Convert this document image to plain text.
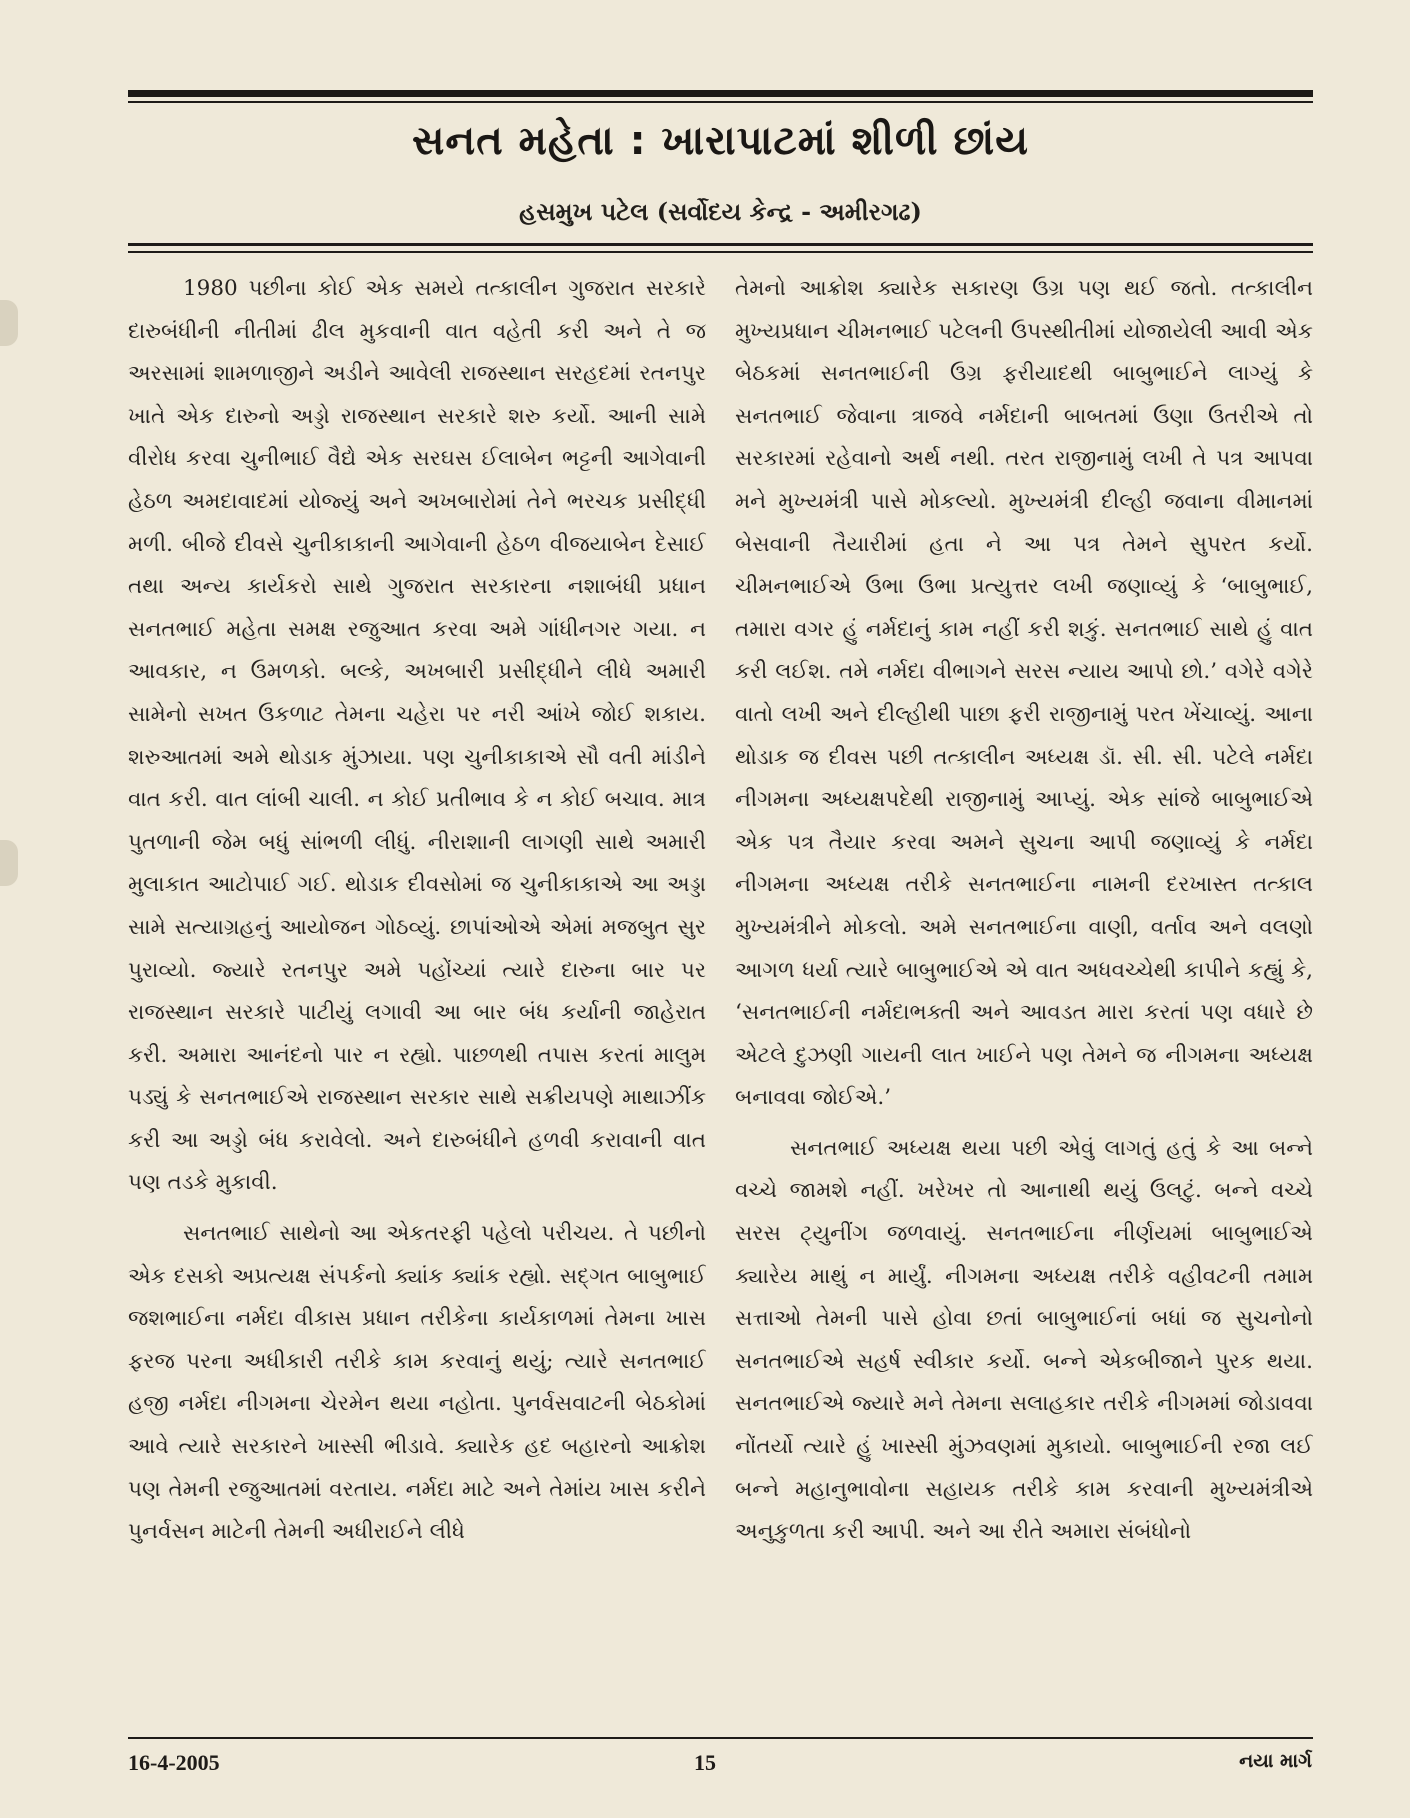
સનત મહેતા : ખારાપાટમાં શીળી છાંય
હસમુખ પટેલ (સર્વોદય કેન્દ્ર - અમીરગઢ)

1980 પછીના કોઈ એક સમયે તત્કાલીન ગુજરાત સરકારે દારુબંધીની નીતીમાં ઢીલ મુકવાની વાત વહેતી કરી અને તે જ અરસામાં શામળાજીને અડીને આવેલી રાજસ્થાન સરહદમાં રતનપુર ખાતે એક દારુનો અડ્ડો રાજસ્થાન સરકારે શરુ કર્યો. આની સામે વીરોધ કરવા ચુનીભાઈ વૈદ્યે એક સરઘસ ઈલાબેન ભટ્ટની આગેવાની હેઠળ અમદાવાદમાં યોજ્યું અને અખબારોમાં તેને ભરચક પ્રસીદ્ધી મળી. બીજે દીવસે ચુનીકાકાની આગેવાની હેઠળ વીજયાબેન દેસાઈ તથા અન્ય કાર્યકરો સાથે ગુજરાત સરકારના નશાબંધી પ્રધાન સનતભાઈ મહેતા સમક્ષ રજુઆત કરવા અમે ગાંધીનગર ગયા. ન આવકાર, ન ઉમળકો. બલ્કે, અખબારી પ્રસીદ્ધીને લીધે અમારી સામેનો સખત ઉકળાટ તેમના ચહેરા પર નરી આંખે જોઈ શકાય. શરુઆતમાં અમે થોડાક મુંઝાયા. પણ ચુનીકાકાએ સૌ વતી માંડીને વાત કરી. વાત લાંબી ચાલી. ન કોઈ પ્રતીભાવ કે ન કોઈ બચાવ. માત્ર પુતળાની જેમ બધું સાંભળી લીધું. નીરાશાની લાગણી સાથે અમારી મુલાકાત આટોપાઈ ગઈ. થોડાક દીવસોમાં જ ચુનીકાકાએ આ અડ્ડા સામે સત્યાગ્રહનું આયોજન ગોઠવ્યું. છાપાંઓએ એમાં મજબુત સુર પુરાવ્યો. જ્યારે રતનપુર અમે પહોંચ્યાં ત્યારે દારુના બાર પર રાજસ્થાન સરકારે પાટીયું લગાવી આ બાર બંધ કર્યાની જાહેરાત કરી. અમારા આનંદનો પાર ન રહ્યો. પાછળથી તપાસ કરતાં માલુમ પડ્યું કે સનતભાઈએ રાજસ્થાન સરકાર સાથે સક્રીયપણે માથાઝીંક કરી આ અડ્ડો બંધ કરાવેલો. અને દારુબંધીને હળવી કરાવાની વાત પણ તડકે મુકાવી.

સનતભાઈ સાથેનો આ એકતરફી પહેલો પરીચય. તે પછીનો એક દસકો અપ્રત્યક્ષ સંપર્કનો ક્યાંક ક્યાંક રહ્યો. સદ્ગત બાબુભાઈ જશભાઈના નર્મદા વીકાસ પ્રધાન તરીકેના કાર્યકાળમાં તેમના ખાસ ફરજ પરના અધીકારી તરીકે કામ કરવાનું થયું; ત્યારે સનતભાઈ હજી નર્મદા નીગમના ચેરમેન થયા નહોતા. પુનર્વસવાટની બેઠકોમાં આવે ત્યારે સરકારને ખાસ્સી ભીડાવે. ક્યારેક હદ બહારનો આક્રોશ પણ તેમની રજુઆતમાં વરતાય. નર્મદા માટે અને તેમાંય ખાસ કરીને પુનર્વસન માટેની તેમની અધીરાઈને લીધે

તેમનો આક્રોશ ક્યારેક સકારણ ઉગ્ર પણ થઈ જતો. તત્કાલીન મુખ્યપ્રધાન ચીમનભાઈ પટેલની ઉપસ્થીતીમાં યોજાયેલી આવી એક બેઠકમાં સનતભાઈની ઉગ્ર ફરીયાદથી બાબુભાઈને લાગ્યું કે સનતભાઈ જેવાના ત્રાજવે નર્મદાની બાબતમાં ઉણા ઉતરીએ તો સરકારમાં રહેવાનો અર્થ નથી. તરત રાજીનામું લખી તે પત્ર આપવા મને મુખ્યમંત્રી પાસે મોકલ્યો. મુખ્યમંત્રી દીલ્હી જવાના વીમાનમાં બેસવાની તૈયારીમાં હતા ને આ પત્ર તેમને સુપરત કર્યો. ચીમનભાઈએ ઉભા ઉભા પ્રત્યુત્તર લખી જણાવ્યું કે ‘બાબુભાઈ, તમારા વગર હું નર્મદાનું કામ નહીં કરી શકું. સનતભાઈ સાથે હું વાત કરી લઈશ. તમે નર્મદા વીભાગને સરસ ન્યાય આપો છો.’ વગેરે વગેરે વાતો લખી અને દીલ્હીથી પાછા ફરી રાજીનામું પરત ખેંચાવ્યું. આના થોડાક જ દીવસ પછી તત્કાલીન અધ્યક્ષ ડૉ. સી. સી. પટેલે નર્મદા નીગમના અધ્યક્ષપદેથી રાજીનામું આપ્યું. એક સાંજે બાબુભાઈએ એક પત્ર તૈયાર કરવા અમને સુચના આપી જણાવ્યું કે નર્મદા નીગમના અધ્યક્ષ તરીકે સનતભાઈના નામની દરખાસ્ત તત્કાલ મુખ્યમંત્રીને મોકલો. અમે સનતભાઈના વાણી, વર્તાવ અને વલણો આગળ ધર્યા ત્યારે બાબુભાઈએ એ વાત અધવચ્ચેથી કાપીને કહ્યું કે, ‘સનતભાઈની નર્મદાભક્તી અને આવડત મારા કરતાં પણ વધારે છે એટલે દુઝણી ગાયની લાત ખાઈને પણ તેમને જ નીગમના અધ્યક્ષ બનાવવા જોઈએ.’

સનતભાઈ અધ્યક્ષ થયા પછી એવું લાગતું હતું કે આ બન્ને વચ્ચે જામશે નહીં. ખરેખર તો આનાથી થયું ઉલટું. બન્ને વચ્ચે સરસ ટ્યુનીંગ જળવાયું. સનતભાઈના નીર્ણયમાં બાબુભાઈએ ક્યારેય માથું ન માર્યું. નીગમના અધ્યક્ષ તરીકે વહીવટની તમામ સત્તાઓ તેમની પાસે હોવા છતાં બાબુભાઈનાં બધાં જ સુચનોનો સનતભાઈએ સહર્ષ સ્વીકાર કર્યો. બન્ને એકબીજાને પુરક થયા. સનતભાઈએ જ્યારે મને તેમના સલાહકાર તરીકે નીગમમાં જોડાવવા નોંતર્યો ત્યારે હું ખાસ્સી મુંઝવણમાં મુકાયો. બાબુભાઈની રજા લઈ બન્ને મહાનુભાવોના સહાયક તરીકે કામ કરવાની મુખ્યમંત્રીએ અનુકુળતા કરી આપી. અને આ રીતે અમારા સંબંધોનો

16-4-2005	15	નયા માર્ગ
